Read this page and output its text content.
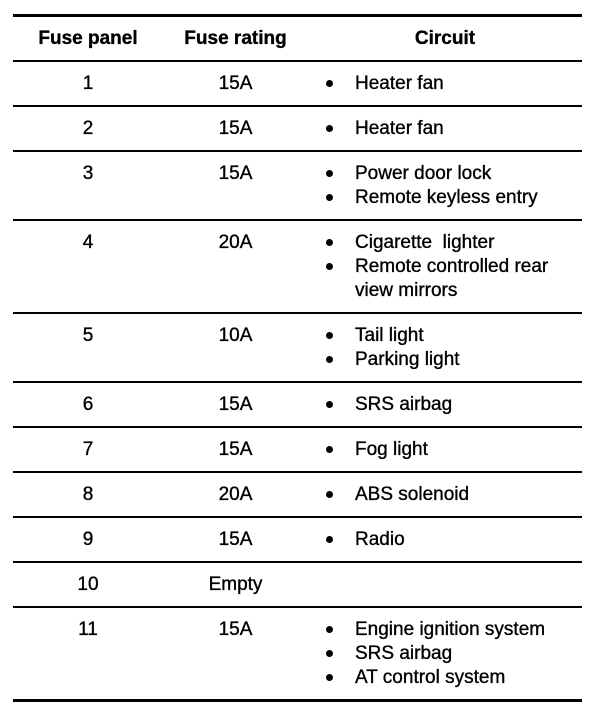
Fuse panel	Fuse rating	Circuit
1	15A	Heater fan
2	15A	Heater fan
3	15A	Power door lock
Remote keyless entry
4	20A	Cigarette  lighter
Remote controlled rear view mirrors
5	10A	Tail light
Parking light
6	15A	SRS airbag
7	15A	Fog light
8	20A	ABS solenoid
9	15A	Radio
10	Empty
11	15A	Engine ignition system
SRS airbag
AT control system
